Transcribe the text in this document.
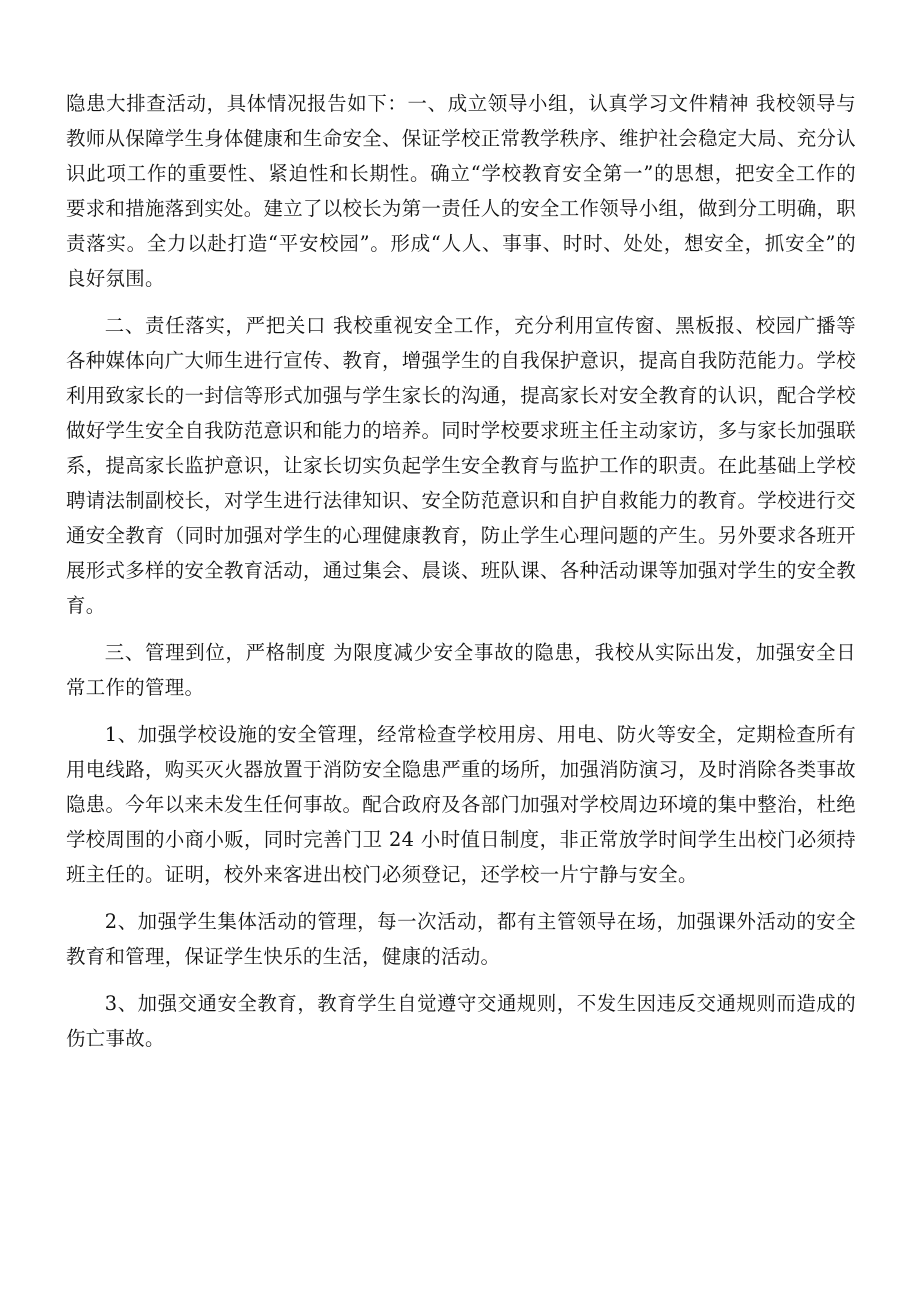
隐患大排查活动，具体情况报告如下：一、成立领导小组，认真学习文件精神 我校领导与教师从保障学生身体健康和生命安全、保证学校正常教学秩序、维护社会稳定大局、充分认识此项工作的重要性、紧迫性和长期性。确立“学校教育安全第一”的思想，把安全工作的要求和措施落到实处。建立了以校长为第一责任人的安全工作领导小组，做到分工明确，职责落实。全力以赴打造“平安校园”。形成“人人、事事、时时、处处，想安全，抓安全”的良好氛围。

二、责任落实，严把关口 我校重视安全工作，充分利用宣传窗、黑板报、校园广播等各种媒体向广大师生进行宣传、教育，增强学生的自我保护意识，提高自我防范能力。学校利用致家长的一封信等形式加强与学生家长的沟通，提高家长对安全教育的认识，配合学校做好学生安全自我防范意识和能力的培养。同时学校要求班主任主动家访，多与家长加强联系，提高家长监护意识，让家长切实负起学生安全教育与监护工作的职责。在此基础上学校聘请法制副校长，对学生进行法律知识、安全防范意识和自护自救能力的教育。学校进行交通安全教育（同时加强对学生的心理健康教育，防止学生心理问题的产生。另外要求各班开展形式多样的安全教育活动，通过集会、晨谈、班队课、各种活动课等加强对学生的安全教育。

三、管理到位，严格制度 为限度减少安全事故的隐患，我校从实际出发，加强安全日常工作的管理。

1、加强学校设施的安全管理，经常检查学校用房、用电、防火等安全，定期检查所有用电线路，购买灭火器放置于消防安全隐患严重的场所，加强消防演习，及时消除各类事故隐患。今年以来未发生任何事故。配合政府及各部门加强对学校周边环境的集中整治，杜绝学校周围的小商小贩，同时完善门卫 24 小时值日制度，非正常放学时间学生出校门必须持班主任的。证明，校外来客进出校门必须登记，还学校一片宁静与安全。

2、加强学生集体活动的管理，每一次活动，都有主管领导在场，加强课外活动的安全教育和管理，保证学生快乐的生活，健康的活动。

3、加强交通安全教育，教育学生自觉遵守交通规则，不发生因违反交通规则而造成的伤亡事故。
